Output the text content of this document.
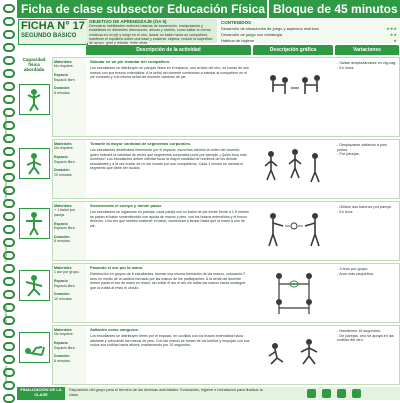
Ficha de clase subsector Educación Física Bloque de 45 minutos
FICHA N° 17
SEGUNDO BASICO
OBJETIVO DE APRENDIZAJE (OA 9)
Demostrar habilidades motrices básicas de locomoción, manipulación y estabilidad en diferentes direcciones, alturas y niveles, como saltar en forma continua en un pie y luego en el otro, lanzar un balón hacia un compañero, mantener el equilibrio sobre una base y sostener objetos, reducir la superficie de apoyo, girar y rebotar, entre otras.
CONTENIDOS
Desarrollo de situaciones de juego y aspectos motrices	★★★
Desarrollo de juego con estrategia	★★
Hábitos de higiene	★
Descripción de la actividad	Descripción gráfica	Variaciones
Capacidad física abordada
Calentamiento
Materiales
No requiere.

Espacio
Espacio libre.

Duración
8 minutos.
Saludar en un pie levantar del compañero.
Los estudiantes se distribuyen en parejas libres en el espacio, uno al lado del otro, se toman de sus manos con sus brazos extendidos. A la señal del docente comienzan a saludar al compañero en el pie contrario y a la misma señal del docente cambian de pie.
- Saltan desplazándose en zig-zag.
- En línea.
Desarrollo
Materiales
No requiere.

Espacio
Espacio libre.

Duración
10 minutos.
Tomarle la mayor cantidad de segmentos corporales.
Los estudiantes distribuidos libremente por el espacio, escuchan atentos la orden del docente, quien indicará la cantidad de veces que segmentos corporales pone por ejemplo ¿Quién toca más hombros? Los estudiantes deben intentar tocar la mayor cantidad de hombros de los demás estudiantes y a la vez cuidar de no ser tocado por sus compañeros. Cada 1 minuto se cambia el segmento que debe ser tocado.
- Desplazarse saltando a pies juntos.
- Por parejas.
Desarrollo
Materiales
+ 1 balón por pareja.

Espacio
Espacio libre.

Duración
8 minutos.
Sosteniendo el cuerpo y donde pasar.
Los estudiantes se organizan en parejas, cada pareja con su balón de pie frente frente a 1,5 metros se pasan el balón sosteniéndolo con ayuda de manos y pies, con los brazos extendidos y el tronco derecho. Una vez que reciben sostener el balón, comienzan a lanzar hasta que la mano a uno de pie.
- Utilizar dos balones por pareja.
- En tríos.
Desarrollo
Materiales
1 aro por grupo.

Espacio
Espacio libre.

Duración
10 minutos.
Pasando el aro por la mano.
Distribución en grupos de 6 estudiantes, forman una misma formación de las manos, colocando 2 aros en medio de la cadena formado por las manos de los participantes. A la señal del docente deben pasar el aro de mano en mano, sin soltar el aro el aro sin soltar las manos hasta conseguir que la vuelta al resto el circulo.
- 3 aros por grupo.
- Aros más pequeños.
Desarrollo
Materiales
No requiere.

Espacio
Espacio libre.

Duración
8 minutos.
Saltando como canguros.
Los estudiantes se distribuyen libres por el espacio, en cuclillas con los brazos extendidos hacia adelante y colocando las manos de pies. Con las manos se toman de los tobillos y empujan con sus codos sus rodillas hacia afuera, manteniendo por 10 segundos.
- Mantienen 15 segundos.
- De parejas, uno se apoya en las rodillas del otro.
FINALIZACIÓN DE LA CLASE
Disposición del grupo para el término de las diversas actividades. Evaluación, higiene e hidratación para finalizar la clase.
